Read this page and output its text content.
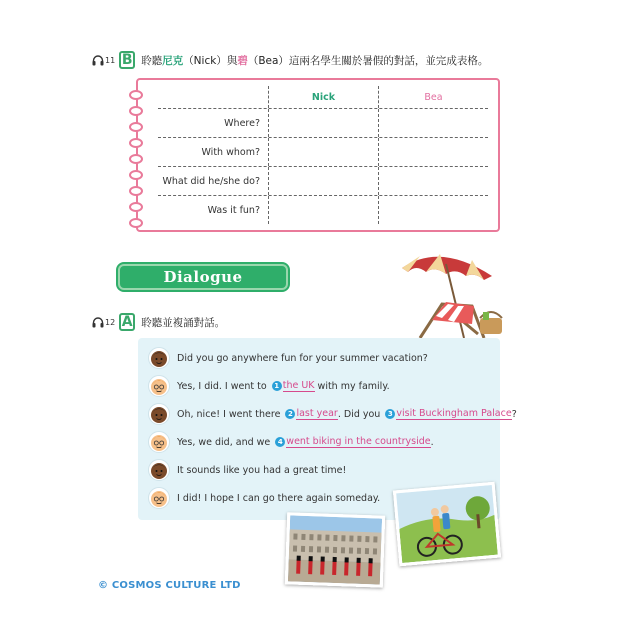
11 B 聆聽尼克（Nick）與碧（Bea）這兩名學生關於暑假的對話，並完成表格。
Nick	Bea
Where?
With whom?
What did he/she do?
Was it fun?
Dialogue
12 A 聆聽並複誦對話。
Did you go anywhere fun for your summer vacation?
Yes, I did. I went to
	1 the UK
with my family.
Oh, nice! I went there
	2 last year . Did you
	3 visit Buckingham Palace ?
Yes, we did, and we
	4 went biking in the countryside .
It sounds like you had a great time!
I did! I hope I can go there again someday.
© COSMOS CULTURE LTD
